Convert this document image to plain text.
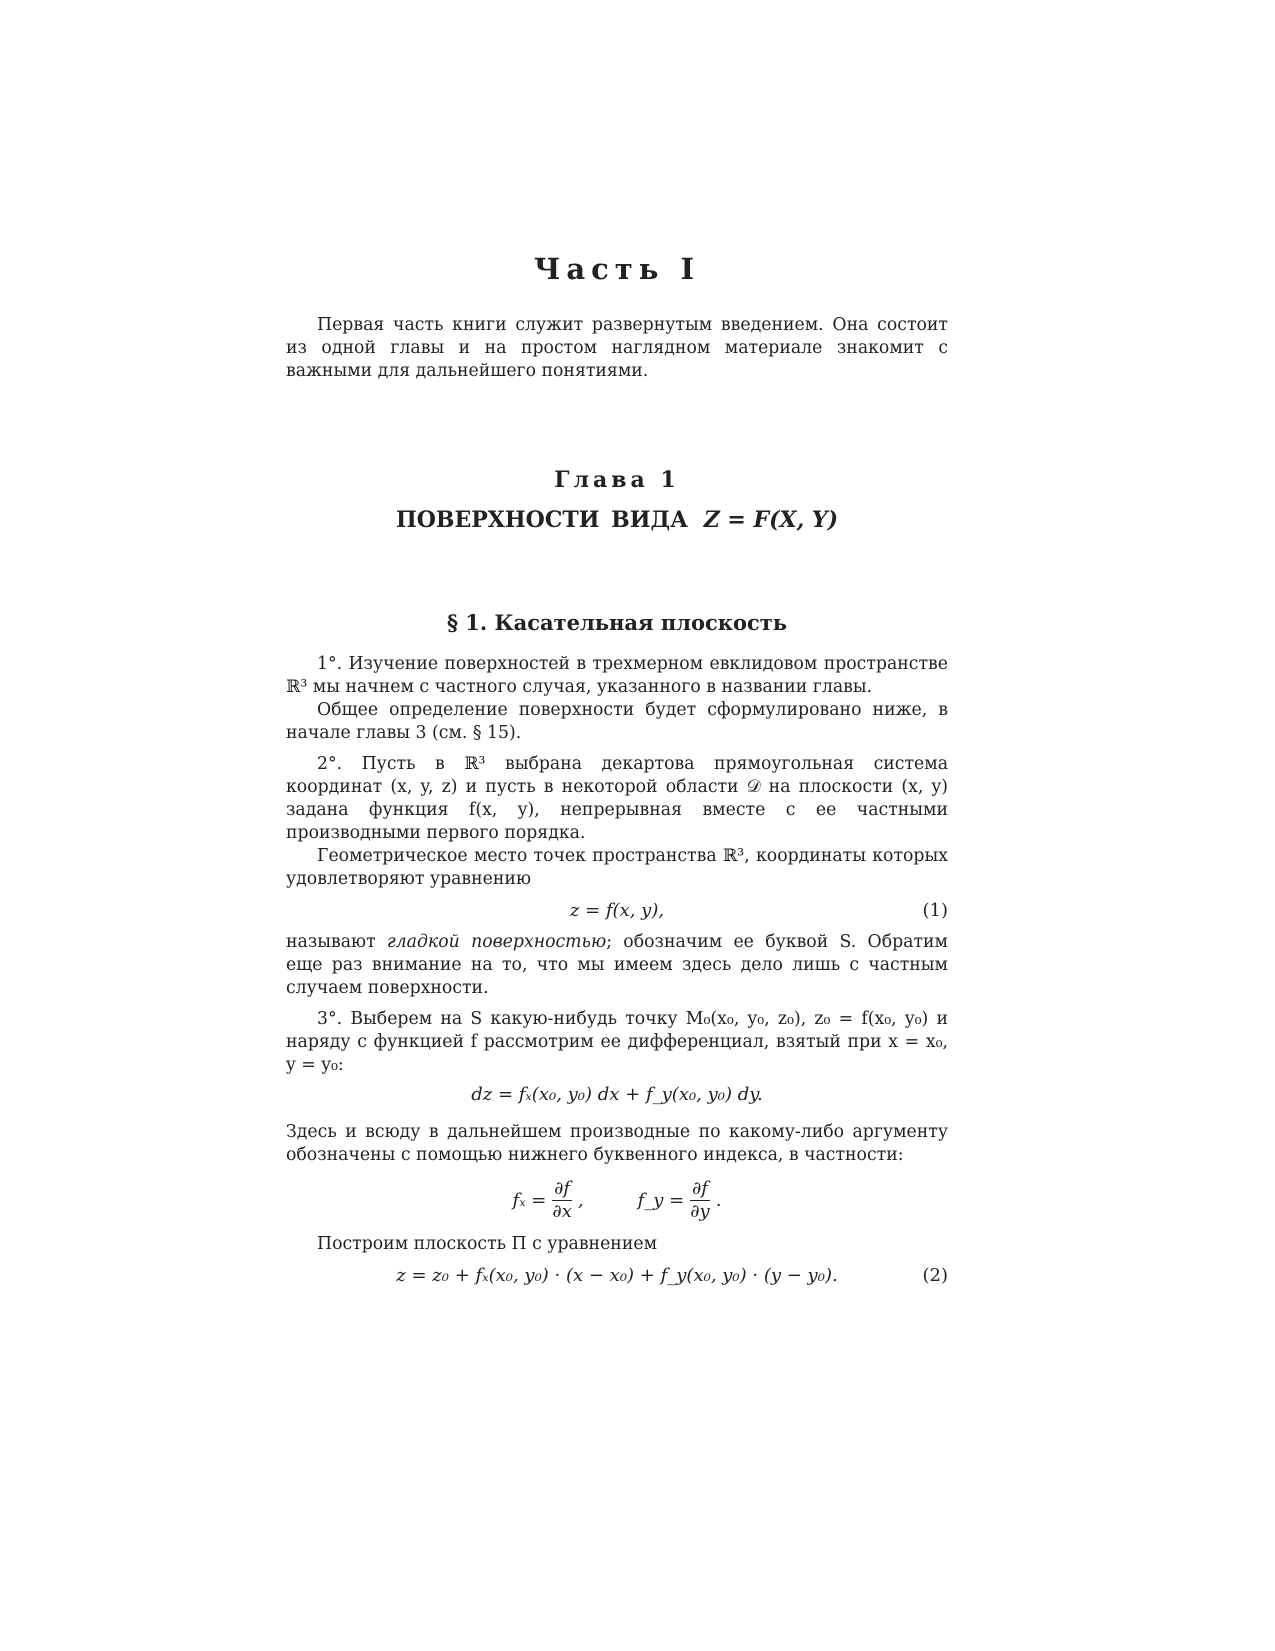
Часть I

Первая часть книги служит развернутым введением. Она состоит из одной главы и на простом наглядном материале знакомит с важными для дальнейшего понятиями.

Глава 1
ПОВЕРХНОСТИ ВИДА Z = F(X, Y)
§ 1. Касательная плоскость

1°. Изучение поверхностей в трехмерном евклидовом пространстве ℝ³ мы начнем с частного случая, указанного в названии главы.

Общее определение поверхности будет сформулировано ниже, в начале главы 3 (см. § 15).

2°. Пусть в ℝ³ выбрана декартова прямоугольная система координат (x, y, z) и пусть в некоторой области 𝒟 на плоскости (x, y) задана функция f(x, y), непрерывная вместе с ее частными производными первого порядка.

Геометрическое место точек пространства ℝ³, координаты которых удовлетворяют уравнению

z = f(x, y),	(1)

называют гладкой поверхностью; обозначим ее буквой S. Обратим еще раз внимание на то, что мы имеем здесь дело лишь с частным случаем поверхности.

3°. Выберем на S какую-нибудь точку M₀(x₀, y₀, z₀), z₀ = f(x₀, y₀) и наряду с функцией f рассмотрим ее дифференциал, взятый при x = x₀, y = y₀:

dz = fₓ(x₀, y₀) dx + f_y(x₀, y₀) dy.

Здесь и всюду в дальнейшем производные по какому-либо аргументу обозначены с помощью нижнего буквенного индекса, в частности:

$f_x = \frac{\partial f}{\partial x}$ ,	f_y = $\frac{\partial f}{\partial y}$ .

Построим плоскость Π с уравнением

z = z₀ + fₓ(x₀, y₀) · (x − x₀) + f_y(x₀, y₀) · (y − y₀).	(2)
